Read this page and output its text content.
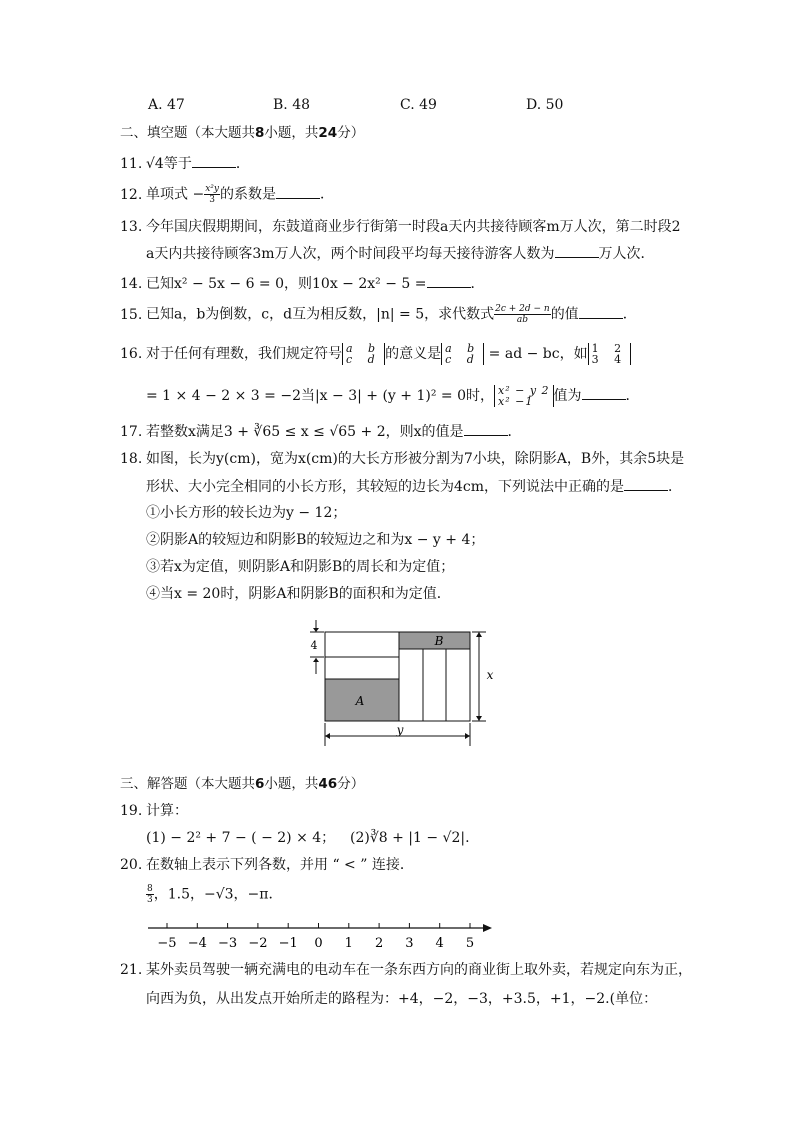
A. 47	B. 48	C. 49	D. 50
二、填空题（本大题共8小题，共24分）
11. √4等于	．
12. 单项式 − $\frac{\text{x²y}}{3}$ 的系数是	．
13. 今年国庆假期期间，东鼓道商业步行街第一时段a天内共接待顾客m万人次，第二时段2
a天内共接待顾客3m万人次，两个时间段平均每天接待游客人数为	万人次．
14. 已知x² − 5x − 6 = 0，则10x − 2x² − 5 =	．
15. 已知a，b为倒数，c，d互为相反数，|n| = 5，求代数式 $\frac{2c + 2d - n}{ab}$ 的值	．
16. 对于任何有理数，我们规定符号 a b
c d 的意义是 a b
c d = ad − bc，如 1 2
3 4
= 1 × 4 − 2 × 3 = −2当|x − 3| + (y + 1)² = 0时， x² − y 2
x² −1	值为	．
17. 若整数x满足3 + ∛65 ≤ x ≤ √65 + 2，则x的值是	．
18. 如图，长为y(cm)，宽为x(cm)的大长方形被分割为7小块，除阴影A，B外，其余5块是
形状、大小完全相同的小长方形，其较短的边长为4cm，下列说法中正确的是	．
①小长方形的较长边为y − 12；
②阴影A的较短边和阴影B的较短边之和为x − y + 4；
③若x为定值，则阴影A和阴影B的周长和为定值；
④当x = 20时，阴影A和阴影B的面积和为定值．
4
A
B
x
y
三、解答题（本大题共6小题，共46分）
19. 计算：
(1) − 2² + 7 − ( − 2) × 4； (2)∛8 + |1 − √2|.
20. 在数轴上表示下列各数，并用 “ < ” 连接．
$\frac{8}{3}$ ，1.5，−√3，−π．
−5 −4 −3 −2 −1 0 1 2 3 4 5
21. 某外卖员驾驶一辆充满电的电动车在一条东西方向的商业街上取外卖，若规定向东为正，
向西为负，从出发点开始所走的路程为：+4，−2，−3，+3.5，+1，−2.(单位：
